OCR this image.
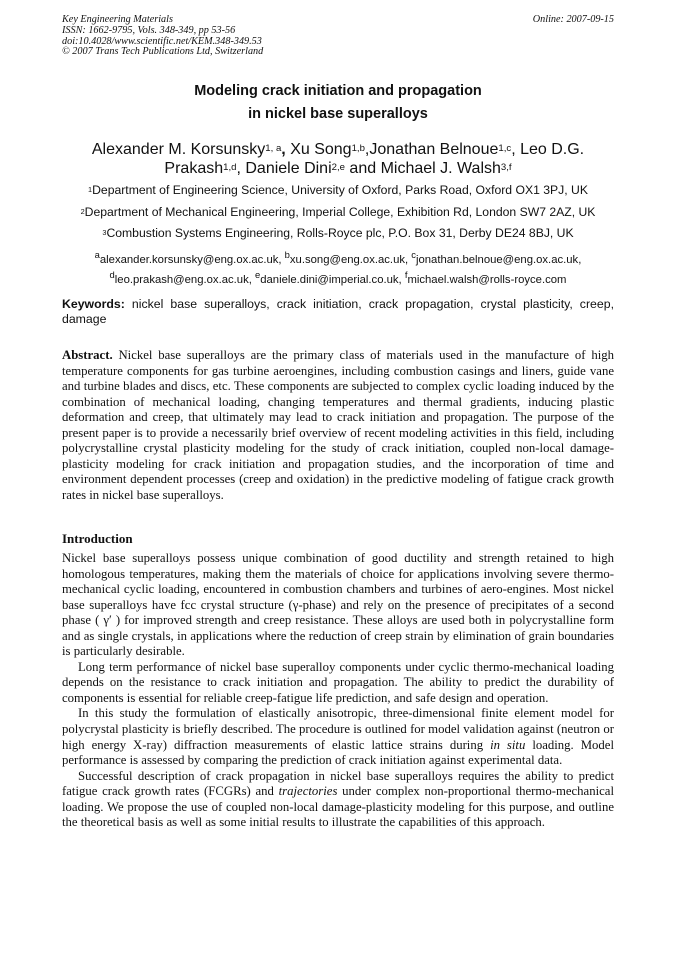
Key Engineering Materials
ISSN: 1662-9795, Vols. 348-349, pp 53-56
doi:10.4028/www.scientific.net/KEM.348-349.53
© 2007 Trans Tech Publications Ltd, Switzerland
Online: 2007-09-15
Modeling crack initiation and propagation
in nickel base superalloys
Alexander M. Korsunsky$^{1, a}$, Xu Song$^{1,b}$,Jonathan Belnoue$^{1,c}$, Leo D.G. Prakash$^{1,d}$, Daniele Dini$^{2,e}$ and Michael J. Walsh$^{3,f}$
$^1$Department of Engineering Science, University of Oxford, Parks Road, Oxford OX1 3PJ, UK
$^2$Department of Mechanical Engineering, Imperial College, Exhibition Rd, London SW7 2AZ, UK
$^3$Combustion Systems Engineering, Rolls-Royce plc, P.O. Box 31, Derby DE24 8BJ, UK
$^a$alexander.korsunsky@eng.ox.ac.uk, $^b$xu.song@eng.ox.ac.uk, $^c$jonathan.belnoue@eng.ox.ac.uk,
$^d$leo.prakash@eng.ox.ac.uk, $^e$daniele.dini@imperial.co.uk, $^f$michael.walsh@rolls-royce.com
Keywords: nickel base superalloys, crack initiation, crack propagation, crystal plasticity, creep, damage
Abstract. Nickel base superalloys are the primary class of materials used in the manufacture of high temperature components for gas turbine aeroengines, including combustion casings and liners, guide vane and turbine blades and discs, etc. These components are subjected to complex cyclic loading induced by the combination of mechanical loading, changing temperatures and thermal gradients, inducing plastic deformation and creep, that ultimately may lead to crack initiation and propagation. The purpose of the present paper is to provide a necessarily brief overview of recent modeling activities in this field, including polycrystalline crystal plasticity modeling for the study of crack initiation, coupled non-local damage-plasticity modeling for crack initiation and propagation studies, and the incorporation of time and environment dependent processes (creep and oxidation) in the predictive modeling of fatigue crack growth rates in nickel base superalloys.
Introduction

Nickel base superalloys possess unique combination of good ductility and strength retained to high homologous temperatures, making them the materials of choice for applications involving severe thermo-mechanical cyclic loading, encountered in combustion chambers and turbines of aero-engines. Most nickel base superalloys have fcc crystal structure (γ-phase) and rely on the presence of precipitates of a second phase ( γ′ ) for improved strength and creep resistance. These alloys are used both in polycrystalline form and as single crystals, in applications where the reduction of creep strain by elimination of grain boundaries is particularly desirable.

Long term performance of nickel base superalloy components under cyclic thermo-mechanical loading depends on the resistance to crack initiation and propagation. The ability to predict the durability of components is essential for reliable creep-fatigue life prediction, and safe design and operation.

In this study the formulation of elastically anisotropic, three-dimensional finite element model for polycrystal plasticity is briefly described. The procedure is outlined for model validation against (neutron or high energy X-ray) diffraction measurements of elastic lattice strains during in situ loading. Model performance is assessed by comparing the prediction of crack initiation against experimental data.

Successful description of crack propagation in nickel base superalloys requires the ability to predict fatigue crack growth rates (FCGRs) and trajectories under complex non-proportional thermo-mechanical loading. We propose the use of coupled non-local damage-plasticity modeling for this purpose, and outline the theoretical basis as well as some initial results to illustrate the capabilities of this approach.
